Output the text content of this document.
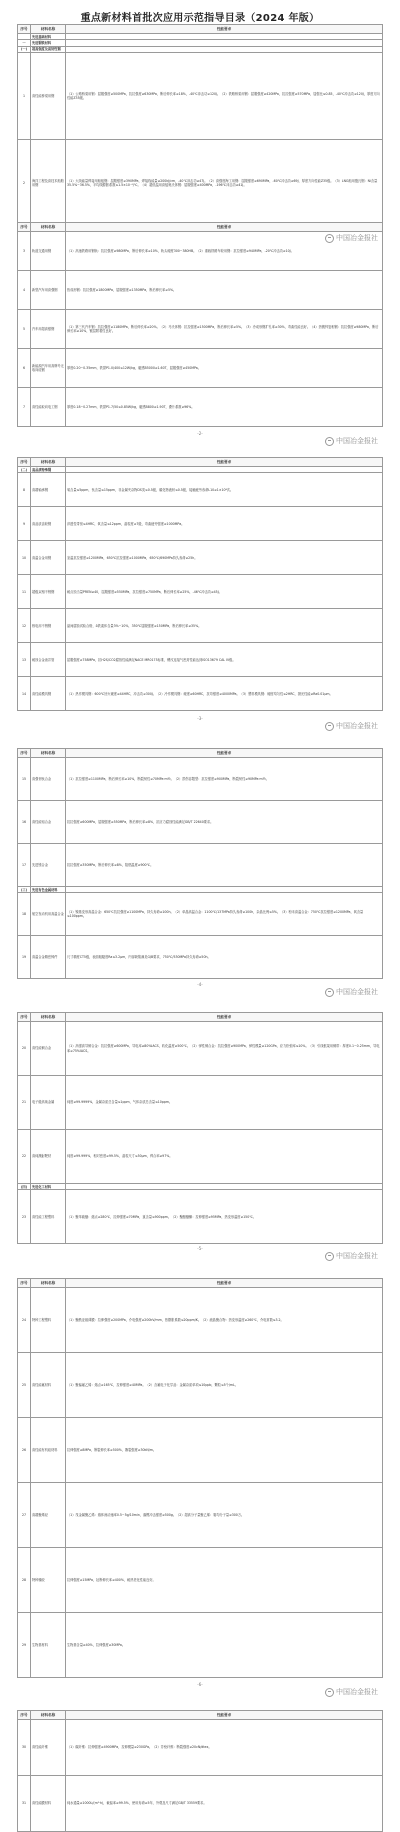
重点新材料首批次应用示范指导目录（2024 年版）
序号	材料名称	性能要求
	先进基础材料	
一	先进钢铁材料	
(一)	超高强度及高韧性钢	
1	高性能桥梁用钢	（1）公路桥梁用钢：屈服强度≥500MPa，抗拉强度≥630MPa，断后伸长率≥18%，-40℃冲击功≥120J。（2）铁路桥梁用钢：屈服强度≥420MPa，抗拉强度≥570MPa，屈强比≤0.85，-40℃冲击功≥120J，厚度方向性能Z35级。
2	海洋工程及高技术船舶用钢	（1）大线能量焊接用船板钢：屈服强度≥390MPa，焊接线能量≥200kJ/cm，-40℃冲击功≥47J。（2）高强度海工用钢：屈服强度≥690MPa，-60℃冲击功≥69J，厚度方向性能Z35级。（3）LNG船用殷瓦钢：Ni含量35.5%~36.5%，平均线膨胀系数≤1.5×10⁻⁶/℃。（4）超低温用高锰奥氏体钢：屈服强度≥400MPa，-196℃冲击功≥41J。
中国冶金报社
序号	材料名称	性能要求
3	轨道交通用钢	（1）高速铁路用钢轨：抗拉强度≥980MPa，断后伸长率≥10%，轨头硬度300~380HB。（2）重载铁路车轮用钢：抗拉强度≥940MPa，-20℃冲击功≥10J。
4	新型汽车用高强钢	热成形钢：抗拉强度≥1800MPa，屈服强度≥1350MPa，断后伸长率≥5%。
5	汽车用超高强钢	（1）第三代汽车钢：抗拉强度≥1180MPa，断后伸长率≥20%。（2）马氏体钢：抗拉强度≥1500MPa，断后伸长率≥5%。（3）冷成形钢扩孔率≥30%，弯曲性能良好。（4）热镀锌复相钢：抗拉强度≥980MPa，断后伸长率≥10%，镀层附着性良好。
6	新能源汽车用高牌号无取向硅钢	厚度0.20~0.35mm，铁损P1.0/400≤12W/kg，磁感B5000≥1.60T，屈服强度≥450MPa。
7	高性能取向电工钢	厚度0.18~0.27mm，铁损P1.7/50≤0.85W/kg，磁感B800≥1.90T，叠片系数≥96%。
-2-
中国冶金报社
序号	材料名称	性能要求
(二)	高品质特殊钢	
8	高端轴承钢	氧含量≤5ppm，钛含量≤15ppm，非金属夹杂物DS类≤0.5级，碳化物液析≤0.5级，接触疲劳寿命L10≥1×10⁸次。
9	高品质齿轮钢	淬透性带宽≤4HRC，氧含量≤12ppm，晶粒度≥7级，弯曲疲劳强度≥1000MPa。
10	高温合金用钢	室温抗拉强度≥1200MPa，650℃抗拉强度≥1000MPa，650℃/690MPa持久寿命≥25h。
11	超级双相不锈钢	耐点蚀当量PREN≥40，屈服强度≥550MPa，抗拉强度≥750MPa，断后伸长率≥25%，-46℃冲击功≥45J。
12	核电用不锈钢	晶间腐蚀试验合格，δ铁素体含量3%~10%，350℃屈服强度≥150MPa，断后伸长率≥35%。
13	耐蚀合金油井管	屈服强度≥758MPa，抗H2S/CO2腐蚀性能满足NACE MR0175标准，螺纹连接气密封性能达到ISO13679 CAL IV级。
14	高性能模具钢	（1）热作模具钢：600℃回火硬度≥44HRC，冲击功≥300J。（2）冷作模具钢：硬度≥60HRC，抗弯强度≥4000MPa。（3）塑料模具钢：硬度均匀性≤2HRC，抛光性能≥Ra0.01μm。
-3-
中国冶金报社
序号	材料名称	性能要求
15	高强韧钛合金	（1）抗拉强度≥1100MPa，断后伸长率≥10%，断裂韧性≥70MPa·m½。（2）损伤容限型：抗拉强度≥900MPa，断裂韧性≥90MPa·m½。
16	高性能铝合金	抗拉强度≥600MPa，屈服强度≥550MPa，断后伸长率≥8%，抗应力腐蚀性能满足GB/T 22640要求。
17	先进镁合金	抗拉强度≥350MPa，断后伸长率≥8%，阻燃温度≥900℃。
(三)	先进有色金属材料	
18	航空发动机用高温合金	（1）镍基变形高温合金：650℃抗拉强度≥1100MPa，持久寿命≥100h。（2）单晶高温合金：1100℃/137MPa持久寿命≥100h，杂晶比例≤5%。（3）粉末高温合金：750℃抗拉强度≥1200MPa，氧含量≤100ppm。
19	高温合金精密铸件	尺寸精度CT5级，表面粗糙度Ra≤3.2μm，内部缺陷满足GJB要求，750℃/530MPa持久寿命≥50h。
-4-
中国冶金报社
序号	材料名称	性能要求
20	高性能铜合金	（1）高强高导铜合金：抗拉强度≥600MPa，导电率≥80%IACS，软化温度≥500℃。（2）弹性铜合金：抗拉强度≥900MPa，弹性模量≥120GPa，应力松弛率≤10%。（3）引线框架用铜带：厚度0.1~0.25mm，导电率≥75%IACS。
21	电子级高纯金属	纯度≥99.9999%，金属杂质总含量≤1ppm，气体杂质总含量≤10ppm。
22	高纯溅射靶材	纯度≥99.999%，相对密度≥99.5%，晶粒尺寸≤50μm，焊合率≥97%。
(四)	先进化工材料	
23	高性能工程塑料	（1）聚苯硫醚：熔点≥280℃，拉伸强度≥70MPa，氯含量≤900ppm。（2）聚醚醚酮：拉伸强度≥95MPa，热变形温度≥150℃。
-5-
中国冶金报社
序号	材料名称	性能要求
24	特种工程塑料	（1）聚酰亚胺薄膜：拉伸强度≥200MPa，介电强度≥200kV/mm，热膨胀系数≤20ppm/K。（2）液晶聚合物：热变形温度≥260℃，介电常数≤3.2。
25	高性能氟材料	（1）聚偏氟乙烯：熔点≥165℃，拉伸强度≥40MPa。（2）含氟电子化学品：金属杂质单项≤10ppb，颗粒≤5个/mL。
26	高性能有机硅材料	拉伸强度≥8MPa，断裂伸长率≥500%，撕裂强度≥30kN/m。
27	高端聚烯烃	（1）茂金属聚乙烯：熔体流动速率0.5~5g/10min，落镖冲击强度≥500g。（2）超高分子量聚乙烯：黏均分子量≥300万。
28	特种橡胶	拉伸强度≥15MPa，扯断伸长率≥400%，耐热老化性能良好。
29	生物基材料	生物基含量≥40%，拉伸强度≥30MPa。
-6-
中国冶金报社
序号	材料名称	性能要求
30	高性能纤维	（1）碳纤维：拉伸强度≥4900MPa，拉伸模量≥230GPa。（2）芳纶纤维：断裂强度≥20cN/dtex。
31	高性能膜材料	纯水通量≥1000L/(m²·h)，截留率≥99.5%，使用寿命≥5年，外观及尺寸满足GB/T 33559要求。
